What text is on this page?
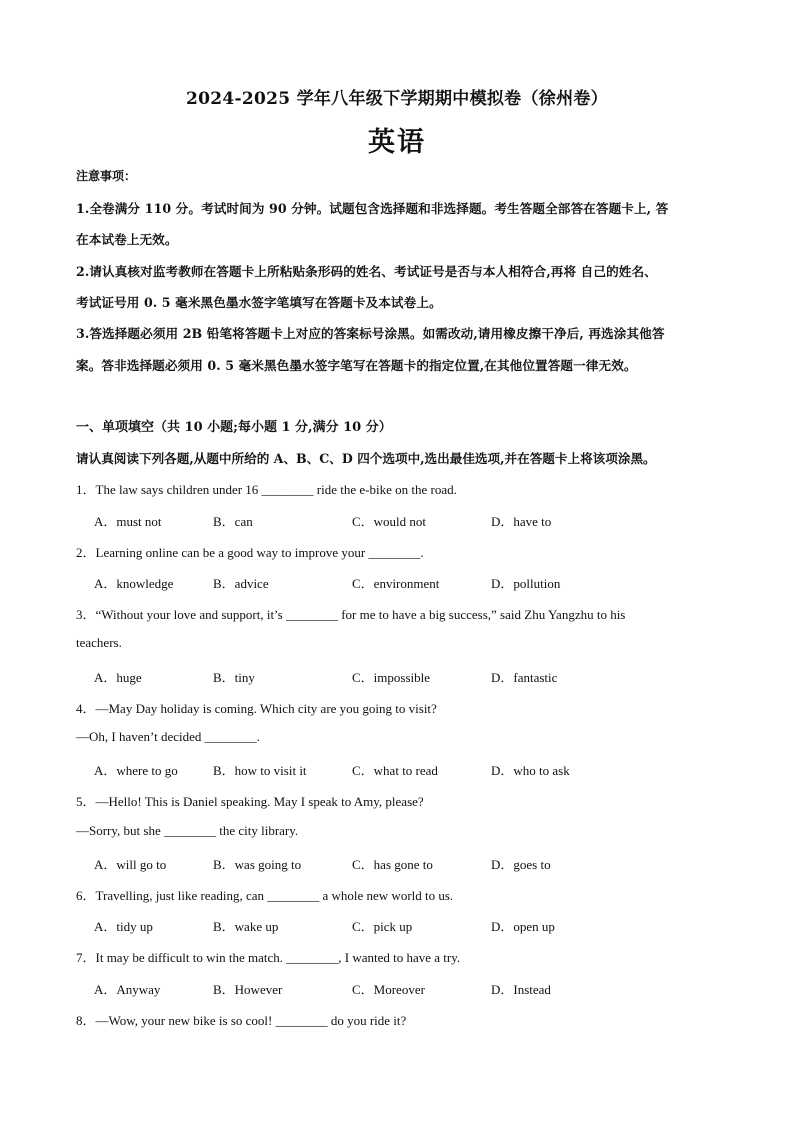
2024-2025 学年八年级下学期期中模拟卷（徐州卷）
英语
注意事项：
1.全卷满分 110 分。考试时间为 90 分钟。试题包含选择题和非选择题。考生答题全部答在答题卡上, 答
在本试卷上无效。
2.请认真核对监考教师在答题卡上所粘贴条形码的姓名、考试证号是否与本人相符合,再将 自己的姓名、
考试证号用 0. 5 毫米黑色墨水签字笔填写在答题卡及本试卷上。
3.答选择题必须用 2B 铅笔将答题卡上对应的答案标号涂黑。如需改动,请用橡皮擦干净后, 再选涂其他答
案。答非选择题必须用 0. 5 毫米黑色墨水签字笔写在答题卡的指定位置,在其他位置答题一律无效。
一、单项填空（共 10 小题;每小题 1 分,满分 10 分）
请认真阅读下列各题,从题中所给的 A、B、C、D 四个选项中,选出最佳选项,并在答题卡上将该项涂黑。
1．The law says children under 16 ________ ride the e-bike on the road.
A．must not	B．can	C．would not	D．have to
2．Learning online can be a good way to improve your ________.
A．knowledge	B．advice	C．environment	D．pollution
3．“Without your love and support, it’s ________ for me to have a big success,” said Zhu Yangzhu to his
teachers.
A．huge	B．tiny	C．impossible	D．fantastic
4．—May Day holiday is coming. Which city are you going to visit?
—Oh, I haven’t decided ________.
A．where to go	B．how to visit it	C．what to read	D．who to ask
5．—Hello! This is Daniel speaking. May I speak to Amy, please?
—Sorry, but she ________ the city library.
A．will go to	B．was going to	C．has gone to	D．goes to
6．Travelling, just like reading, can ________ a whole new world to us.
A．tidy up	B．wake up	C．pick up	D．open up
7．It may be difficult to win the match. ________, I wanted to have a try.
A．Anyway	B．However	C．Moreover	D．Instead
8．—Wow, your new bike is so cool! ________ do you ride it?
